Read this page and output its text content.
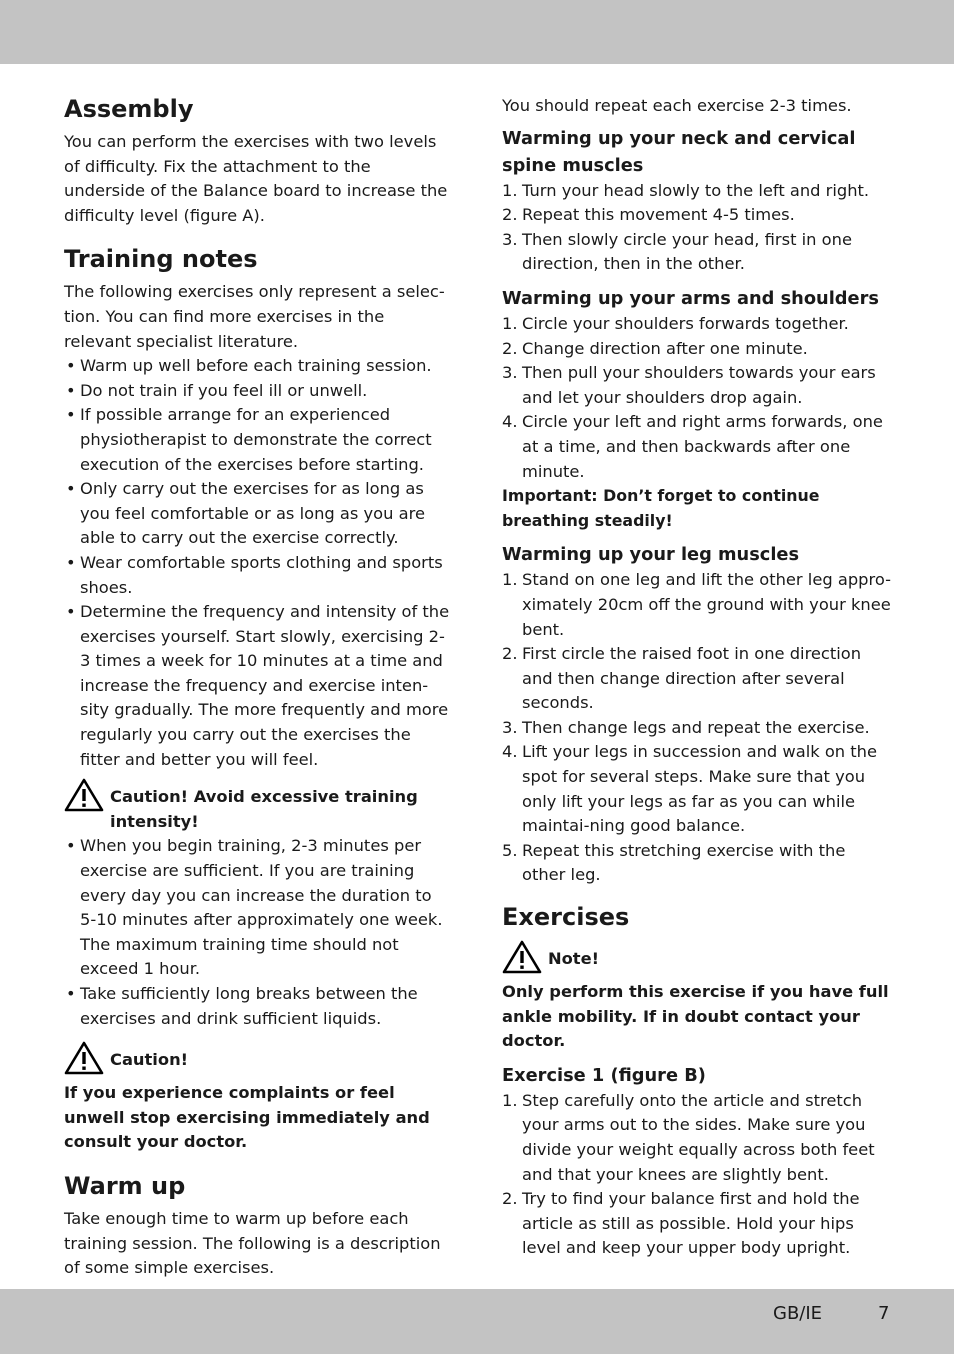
Assembly

You can perform the exercises with two levels of difficulty. Fix the attachment to the underside of the Balance board to increase the difficulty level (figure A).

Training notes

The following exercises only represent a selec-tion. You can find more exercises in the relevant specialist literature.

• Warm up well before each training session.
• Do not train if you feel ill or unwell.
• If possible arrange for an experienced physiotherapist to demonstrate the correct execution of the exercises before starting.
• Only carry out the exercises for as long as you feel comfortable or as long as you are able to carry out the exercise correctly.
• Wear comfortable sports clothing and sports shoes.
• Determine the frequency and intensity of the exercises yourself. Start slowly, exercising 2-3 times a week for 10 minutes at a time and increase the frequency and exercise inten-sity gradually. The more frequently and more regularly you carry out the exercises the fitter and better you will feel.
Caution! Avoid excessive training intensity!
• When you begin training, 2-3 minutes per exercise are sufficient. If you are training every day you can increase the duration to 5-10 minutes after approximately one week.
The maximum training time should not exceed 1 hour.
• Take sufficiently long breaks between the exercises and drink sufficient liquids.
Caution!

If you experience complaints or feel unwell stop exercising immediately and consult your doctor.

Warm up

Take enough time to warm up before each training session. The following is a description of some simple exercises.

You should repeat each exercise 2-3 times.

Warming up your neck and cervical spine muscles
1. Turn your head slowly to the left and right.
2. Repeat this movement 4-5 times.
3. Then slowly circle your head, first in one direction, then in the other.
Warming up your arms and shoulders
1. Circle your shoulders forwards together.
2. Change direction after one minute.
3. Then pull your shoulders towards your ears and let your shoulders drop again.
4. Circle your left and right arms forwards, one at a time, and then backwards after one minute.

Important: Don’t forget to continue breathing steadily!

Warming up your leg muscles
1. Stand on one leg and lift the other leg appro-ximately 20cm off the ground with your knee bent.
2. First circle the raised foot in one direction and then change direction after several seconds.
3. Then change legs and repeat the exercise.
4. Lift your legs in succession and walk on the spot for several steps. Make sure that you only lift your legs as far as you can while maintai-ning good balance.
5. Repeat this stretching exercise with the other leg.
Exercises
Note!

Only perform this exercise if you have full ankle mobility. If in doubt contact your doctor.

Exercise 1 (figure B)
1. Step carefully onto the article and stretch your arms out to the sides. Make sure you divide your weight equally across both feet and that your knees are slightly bent.
2. Try to find your balance first and hold the article as still as possible. Hold your hips level and keep your upper body upright.
GB/IE	7
